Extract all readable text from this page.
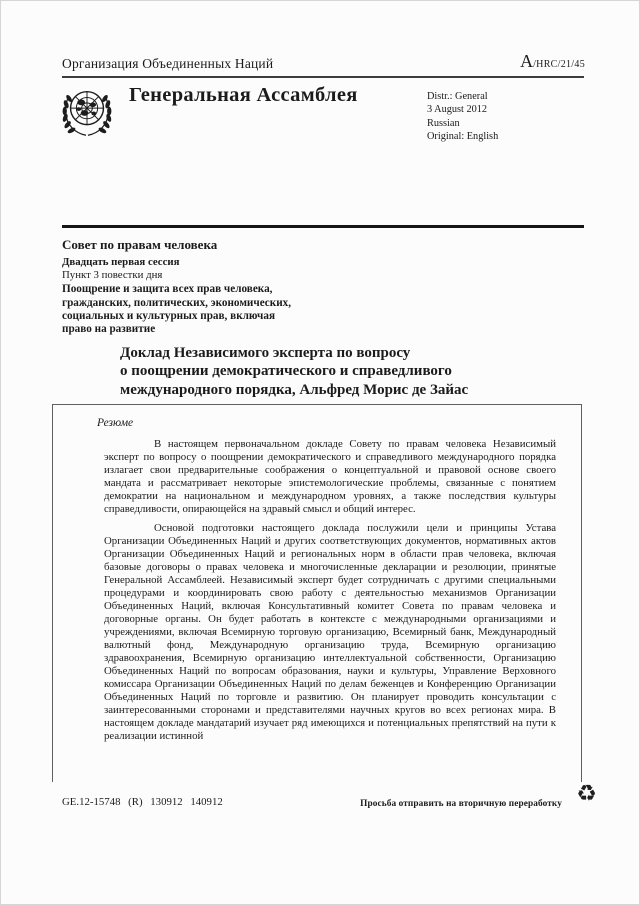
Организация Объединенных Наций	A/HRC/21/45
Генеральная Ассамблея	Distr.: General
3 August 2012
Russian
Original: English
Совет по правам человека
Двадцать первая сессия
Пункт 3 повестки дня
Поощрение и защита всех прав человека,
гражданских, политических, экономических,
социальных и культурных прав, включая
право на развитие
Доклад Независимого эксперта по вопросу
о поощрении демократического и справедливого
международного порядка, Альфред Морис де Зайас
Резюме

В настоящем первоначальном докладе Совету по правам человека Независимый эксперт по вопросу о поощрении демократического и справедливого международного порядка излагает свои предварительные соображения о концептуальной и правовой основе своего мандата и рассматривает некоторые эпистемологические проблемы, связанные с понятием демократии на национальном и международном уровнях, а также последствия культуры справедливости, опирающейся на здравый смысл и общий интерес.

Основой подготовки настоящего доклада послужили цели и принципы Устава Организации Объединенных Наций и других соответствующих документов, нормативных актов Организации Объединенных Наций и региональных норм в области прав человека, включая базовые договоры о правах человека и многочисленные декларации и резолюции, принятые Генеральной Ассамблеей. Независимый эксперт будет сотрудничать с другими специальными процедурами и координировать свою работу с деятельностью механизмов Организации Объединенных Наций, включая Консультативный комитет Совета по правам человека и договорные органы. Он будет работать в контексте с международными организациями и учреждениями, включая Всемирную торговую организацию, Всемирный банк, Международный валютный фонд, Международную организацию труда, Всемирную организацию здравоохранения, Всемирную организацию интеллектуальной собственности, Организацию Объединенных Наций по вопросам образования, науки и культуры, Управление Верховного комиссара Организации Объединенных Наций по делам беженцев и Конференцию Организации Объединенных Наций по торговле и развитию. Он планирует проводить консультации с заинтересованными сторонами и представителями научных кругов во всех регионах мира. В настоящем докладе мандатарий изучает ряд имеющихся и потенциальных препятствий на пути к реализации истинной

GE.12-15748 (R) 130912 140912	Просьба отправить на вторичную переработку ♻
